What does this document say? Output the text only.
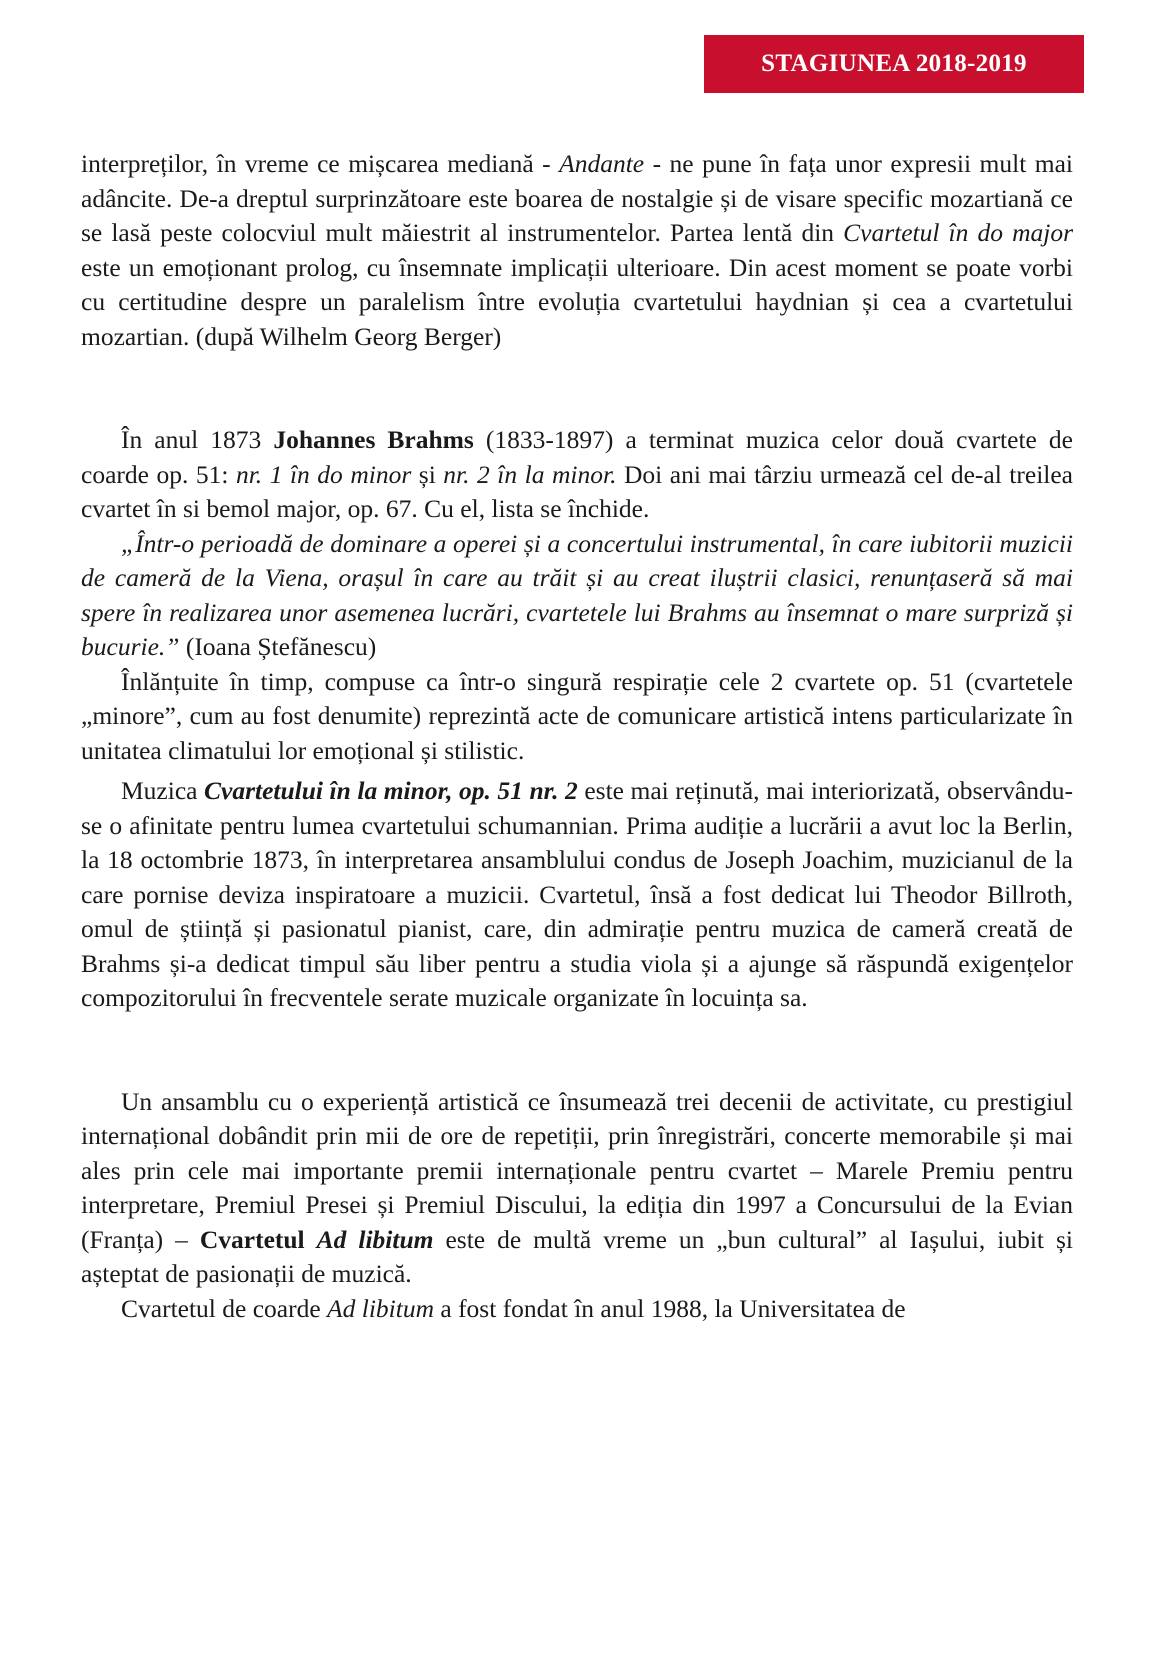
STAGIUNEA 2018-2019

interpreților, în vreme ce mișcarea mediană - Andante - ne pune în fața unor expresii mult mai adâncite. De-a dreptul surprinzătoare este boarea de nostalgie și de visare specific mozartiană ce se lasă peste colocviul mult măiestrit al instrumentelor. Partea lentă din Cvartetul în do major este un emoționant prolog, cu însemnate implicații ulterioare. Din acest moment se poate vorbi cu certitudine despre un paralelism între evoluția cvartetului haydnian și cea a cvartetului mozartian. (după Wilhelm Georg Berger)

În anul 1873 Johannes Brahms (1833-1897) a terminat muzica celor două cvartete de coarde op. 51: nr. 1 în do minor și nr. 2 în la minor. Doi ani mai târziu urmează cel de-al treilea cvartet în si bemol major, op. 67. Cu el, lista se închide.

„Într-o perioadă de dominare a operei și a concertului instrumental, în care iubitorii muzicii de cameră de la Viena, orașul în care au trăit și au creat iluștrii clasici, renunțaseră să mai spere în realizarea unor asemenea lucrări, cvartetele lui Brahms au însemnat o mare surpriză și bucurie.” (Ioana Ștefănescu)

Înlănțuite în timp, compuse ca într-o singură respirație cele 2 cvartete op. 51 (cvartetele „minore”, cum au fost denumite) reprezintă acte de comunicare artistică intens particularizate în unitatea climatului lor emoțional și stilistic.

Muzica Cvartetului în la minor, op. 51 nr. 2 este mai reținută, mai interiorizată, observându-se o afinitate pentru lumea cvartetului schumannian. Prima audiție a lucrării a avut loc la Berlin, la 18 octombrie 1873, în interpretarea ansamblului condus de Joseph Joachim, muzicianul de la care pornise deviza inspiratoare a muzicii. Cvartetul, însă a fost dedicat lui Theodor Billroth, omul de știință și pasionatul pianist, care, din admirație pentru muzica de cameră creată de Brahms și-a dedicat timpul său liber pentru a studia viola și a ajunge să răspundă exigențelor compozitorului în frecventele serate muzicale organizate în locuința sa.

Un ansamblu cu o experiență artistică ce însumează trei decenii de activitate, cu prestigiul internațional dobândit prin mii de ore de repetiții, prin înregistrări, concerte memorabile și mai ales prin cele mai importante premii internaționale pentru cvartet – Marele Premiu pentru interpretare, Premiul Presei și Premiul Discului, la ediția din 1997 a Concursului de la Evian (Franța) – Cvartetul Ad libitum este de multă vreme un „bun cultural” al Iașului, iubit și așteptat de pasionații de muzică.

Cvartetul de coarde Ad libitum a fost fondat în anul 1988, la Universitatea de
